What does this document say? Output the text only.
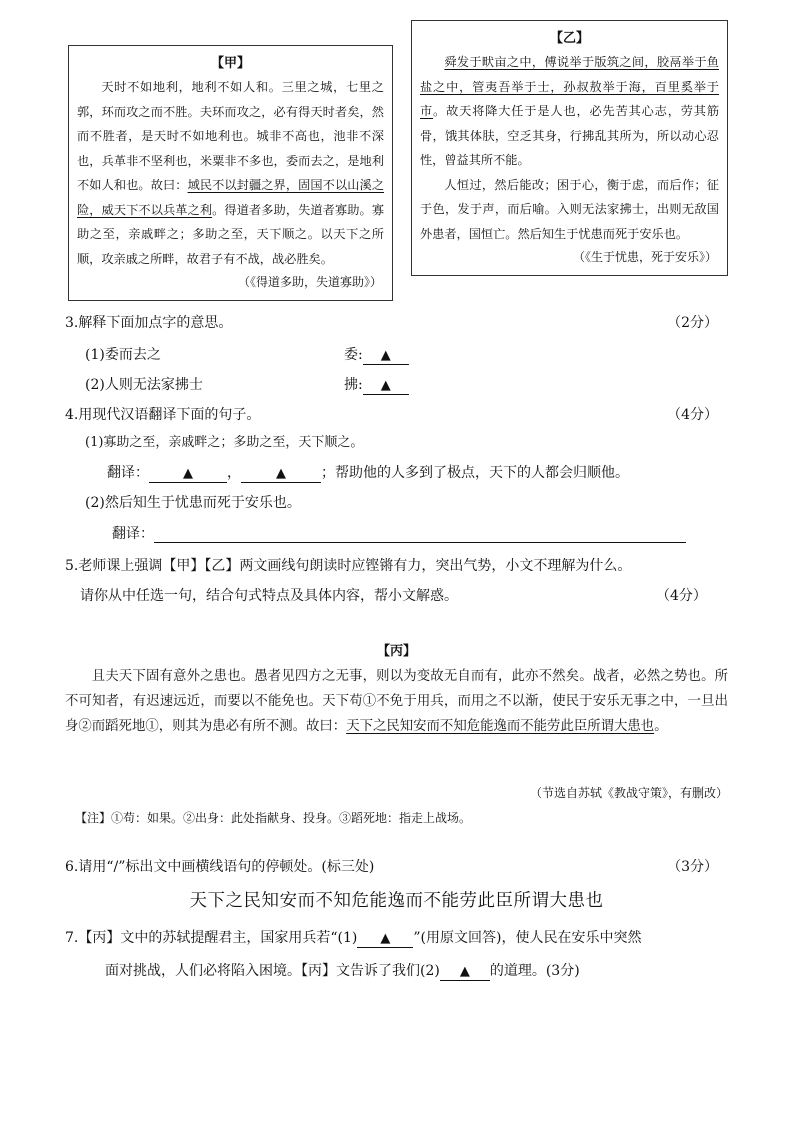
【甲】

天时不如地利，地利不如人和。三里之城，七里之郭，环而攻之而不胜。夫环而攻之，必有得天时者矣，然而不胜者，是天时不如地利也。城非不高也，池非不深也，兵革非不坚利也，米粟非不多也，委而去之，是地利不如人和也。故曰：域民不以封疆之界，固国不以山溪之险，威天下不以兵革之利。得道者多助，失道者寡助。寡助之至，亲戚畔之；多助之至，天下顺之。以天下之所顺，攻亲戚之所畔，故君子有不战，战必胜矣。

（《得道多助，失道寡助》）
【乙】

舜发于畎亩之中，傅说举于版筑之间，胶鬲举于鱼盐之中，管夷吾举于士，孙叔敖举于海，百里奚举于市。故天将降大任于是人也，必先苦其心志，劳其筋骨，饿其体肤，空乏其身，行拂乱其所为，所以动心忍性，曾益其所不能。

人恒过，然后能改；困于心，衡于虑，而后作；征于色，发于声，而后喻。入则无法家拂士，出则无敌国外患者，国恒亡。然后知生于忧患而死于安乐也。

（《生于忧患，死于安乐》）
3.解释下面加点字的意思。	（2分）
(1)委而去之	委: ▲
(2)人则无法家拂士	拂: ▲
4.用现代汉语翻译下面的句子。	（4分）
(1)寡助之至，亲戚畔之；多助之至，天下顺之。
翻译：	▲ ，	▲	；帮助他的人多到了极点，天下的人都会归顺他。
(2)然后知生于忧患而死于安乐也。
翻译：
5.老师课上强调【甲】【乙】两文画线句朗读时应铿锵有力，突出气势，小文不理解为什么。
请你从中任选一句，结合句式特点及具体内容，帮小文解惑。	（4分）
【丙】

且夫天下固有意外之患也。愚者见四方之无事，则以为变故无自而有，此亦不然矣。战者，必然之势也。所不可知者，有迟速远近，而要以不能免也。天下苟①不免于用兵，而用之不以渐，使民于安乐无事之中，一旦出身②而蹈死地①，则其为患必有所不测。故曰：天下之民知安而不知危能逸而不能劳此臣所谓大患也。

（节选自苏轼《教战守策》，有删改）
【注】①苟：如果。②出身：此处指献身、投身。③蹈死地：指走上战场。
6.请用“/”标出文中画横线语句的停顿处。(标三处)	（3分）
天下之民知安而不知危能逸而不能劳此臣所谓大患也
7.【丙】文中的苏轼提醒君主，国家用兵若“(1) ▲ ”(用原文回答)，使人民在安乐中突然
面对挑战，人们必将陷入困境。【丙】文告诉了我们(2) ▲ 的道理。(3分)
